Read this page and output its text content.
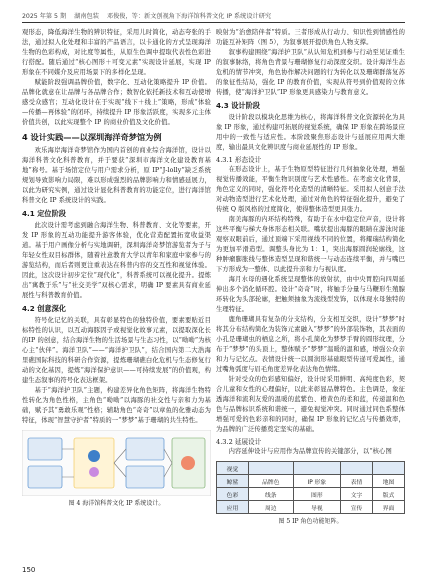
2025 年第 5 期 湖南包装 邓俊俊，等：新文创视角下海洋馆科普文化 IP 系统设计研究

观形态，降低海洋生物的辨识特征，采用儿时简化，动态夸张的手法，通过拟人化处理和丰富的产品语言，以卡通化的方式呈现海洋生物的色彩构成，对比度等属性，从原生色调中提取代表性色彩进行搭配。随后通过“核心图形＋可变元素”实现设计延展，实现 IP 形象在不同媒介及应用场景下的多样化呈现。

赋能阶段强调品牌价值，数字化、互动化策略提升 IP 价值。品牌化就意在让品牌与各品牌合作；数智化依托新技术和互动使增感受众感官；互动化设计在于实现“线下＋线上”策略，形成“体验—传播—再体验”的闭环，持续提升 IP 形象活跃度，实现多元主体价值共创，以此实现整个 IP 的商业价值及文化价值。

4 设计实践——以深圳海洋奇梦馆为例

欢乐海岸海洋奇梦馆作为国内首创的商业综合海洋馆，设计以海洋科普文化科普教育，并于要获“深圳市海洋文化建设教育基地”称号。基于场馆定位与用户需求分析，原 IP“J-lolly”缺乏系统规划导致影响力局限，难以形成强烈的品牌影响力和情感延展力，以此为研究实例，通过设计显化科普教育的功能定位，进行海洋馆科普文化 IP 系统设计的实践。

4.1 定位阶段

此次设计需考虑到融合海洋生物、科普教育、文化等要素，开发 IP 形象的互动功能提升游客体验，优化营造配置拓宽收益渠道。基于用户画像分析与实地调研，深圳海洋奇梦馆游览者为子与年轻女性双目标群体，随着社意教育大学以青年和家庭中家参与的游览结构，而后者则更注重表达在科普内容的交互性和视觉体验。因此，这次设计初步定位“现代化”，科普系统可以视化提升。提炼出“寓教于乐”与“社交美学”双核心需求，明确 IP 要素具有商业延展性与科普教育价值。

4.2 创意深化

符号化记忆的关联，具有彰显特色的独特价值，要素要贴近目标特性的认识，以互动海豚因子或视觉化故事元素，以提取深化长的IP 的创意，结合海洋生物的生活场景与生态习性，以“呦呦”为核心主“伙伴”。海洋卫队”——“海洋护卫队”，结合国内第二大浩海里礁国际科技的科研合作资源，提炼珊瑚礁白化危机与生态修复行动的文化基因，提炼“海洋保护意识——可持续发展”的价值观，构建生态叙事的符号化表达框架。

基于“海洋护卫队”主题，构建差异化角色矩阵，将海洋生物特性转化为角色性格，主角色“呦呦”以海豚的社交性与亲和力为基础，赋予其“勇敢乐观”性格；辅助角色“奇奇”以章鱼的化雅动态为特征，体现“智慧守护者”特质的一“梦梦”基于珊瑚的共生特性。

图 4 海洋馆科普文化 IP 系统设计。

映射为“治愈陪伴者”特质。三者形成从行动力、知识性到情感性的功能互补矩阵（图 5），为叙事展开提供角色人物支撑。

叙事构建围绕“海洋护卫队”从认知危机到参与行动至见证重生的叙事脉络，将角色背景与珊瑚修复行动深度交织。设计海洋生态危机的情节冲突，角色协作解决问题的行为转化以及珊瑚群落复苏的象征性结局，强化 IP 的教育价值，实现从符号到价值观的立体传播，使“海洋护卫队”IP 形象更具感染力与教育意义。

4.3 设计阶段

设计阶段以模块化思维为核心，将海洋科普文化资源转化为具象 IP 形象，通过构建可拓展的视觉系统，确保 IP 形象在跨场景应用中的一致性与适应性。本阶段聚焦形态设计与延展应用两大维度，输出最具文化辨识度与商业延展性的 IP 形象。

4.3.1 形态设计

在形态设计上，基于生物原型特征进行几何抽象化处理，增强视觉传播效能，平衡生物识别度与艺术性感性。在考虑文化背景，角色定义的同时，强化符号化造型的清晰特征。采用拟人创意手法对动物造型进行艺术化处理，通过对角色的特征强化提升，避免了传统 Q 版风格的过度简化，使得整体造型更具张力。

南美海豚的内环结构特殊，有助于在水中稳定位声音，设计将这些平衡与梯大身体形态相关联。嘴状提出海豚的眼睛在游泳时能观察双眼前后，通过顶端下采用视线不同的位置，将耀瑞结构简化为更加平滑造型。调整头身比为 1：1，突出海豚圆润轮廓线，这种肿瘤膨胀线与整体造型呈现和谐统一与动态连续平衡，并与嘴巴下方形成为一整体、以此提升亲和力与视认度。

海月水母的遇化系统呈现整体的放射状，由中央胃腔向四周延伸出多个消化循环腔。设计“奇奇”时，将触手分量与马鞭形生殖腺环转化为头部轮廓，把触须抽象为流线型发饰，以体现水母独特的生理特征。

鹿角珊瑚具有复杂的分支结构，分支相互交织，设计“梦梦”时将其分布结构简化为装饰元素融入“梦梦”的外部装饰物，其表面的小孔是珊瑚虫的栖息之所，将小孔简化为梦梦手臂的圆形纹理，分布于“梦梦”的头顶上，整体赋予“梦梦”温暖的温和感，增强公众亲和力与记忆点。表情设计统一以圆润形基础眼型传递可爱属性，通过嘴角弧度与眉毛角度差异化表达角色情绪。

针对受众的色彩感知偏好，设计时采用鲜明、高纯度色彩，契合儿童和女性的心理偏好，以此来彰显品牌特色。主色调是，象征透海洋和流利友爱的温暖的蓝紫色、橙黄色的柔和蓝，传递温和色色与品牌标识系统和谐统一，避免视觉冲突。同时通过同色系整体增强可爱的色彩亲和的同时，确保 IP 形象的记忆点与传播效率，为品牌的广泛传播奠定坚实的基础。

4.3.2 延展设计

内容延伸设计与应用作为品牌宣传的关键部分，以“核心图

视觉				
鲸鲨	品牌色	IP 形象	表情	地图
色彩	线条	图形	文字	版式
应用	周边	导视	宣传	界面
图 5 IP 角色功能矩阵。
150
